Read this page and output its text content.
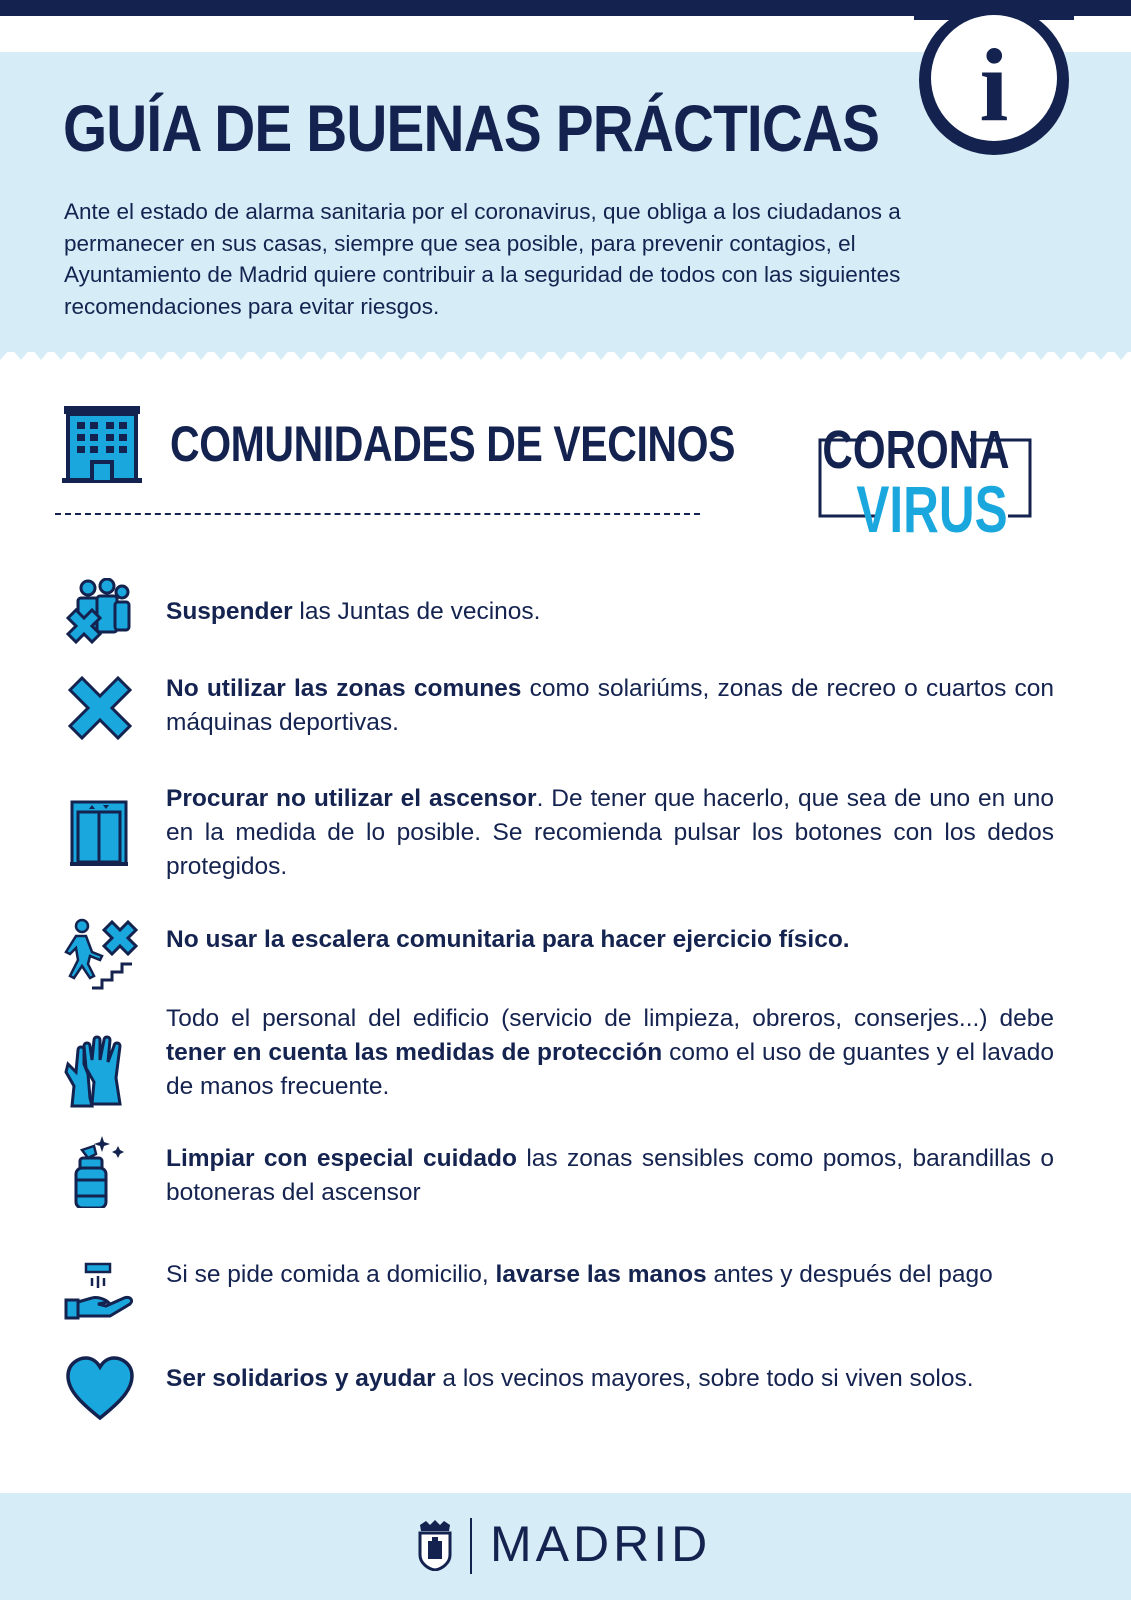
i
GUÍA DE BUENAS PRÁCTICAS

Ante el estado de alarma sanitaria por el coronavirus, que obliga a los ciudadanos a permanecer en sus casas, siempre que sea posible, para prevenir contagios, el Ayuntamiento de Madrid quiere contribuir a la seguridad de todos con las siguientes recomendaciones para evitar riesgos.

COMUNIDADES DE VECINOS CORONA
VIRUS

Suspender las Juntas de vecinos.

No utilizar las zonas comunes como solariúms, zonas de recreo o cuartos con máquinas deportivas.

Procurar no utilizar el ascensor. De tener que hacerlo, que sea de uno en uno en la medida de lo posible. Se recomienda pulsar los botones con los dedos protegidos.

No usar la escalera comunitaria para hacer ejercicio físico.

Todo el personal del edificio (servicio de limpieza, obreros, conserjes...) debe tener en cuenta las medidas de protección como el uso de guantes y el lavado de manos frecuente.

Limpiar con especial cuidado las zonas sensibles como pomos, barandillas o botoneras del ascensor

Si se pide comida a domicilio, lavarse las manos antes y después del pago

Ser solidarios y ayudar a los vecinos mayores, sobre todo si viven solos.

MADRID
